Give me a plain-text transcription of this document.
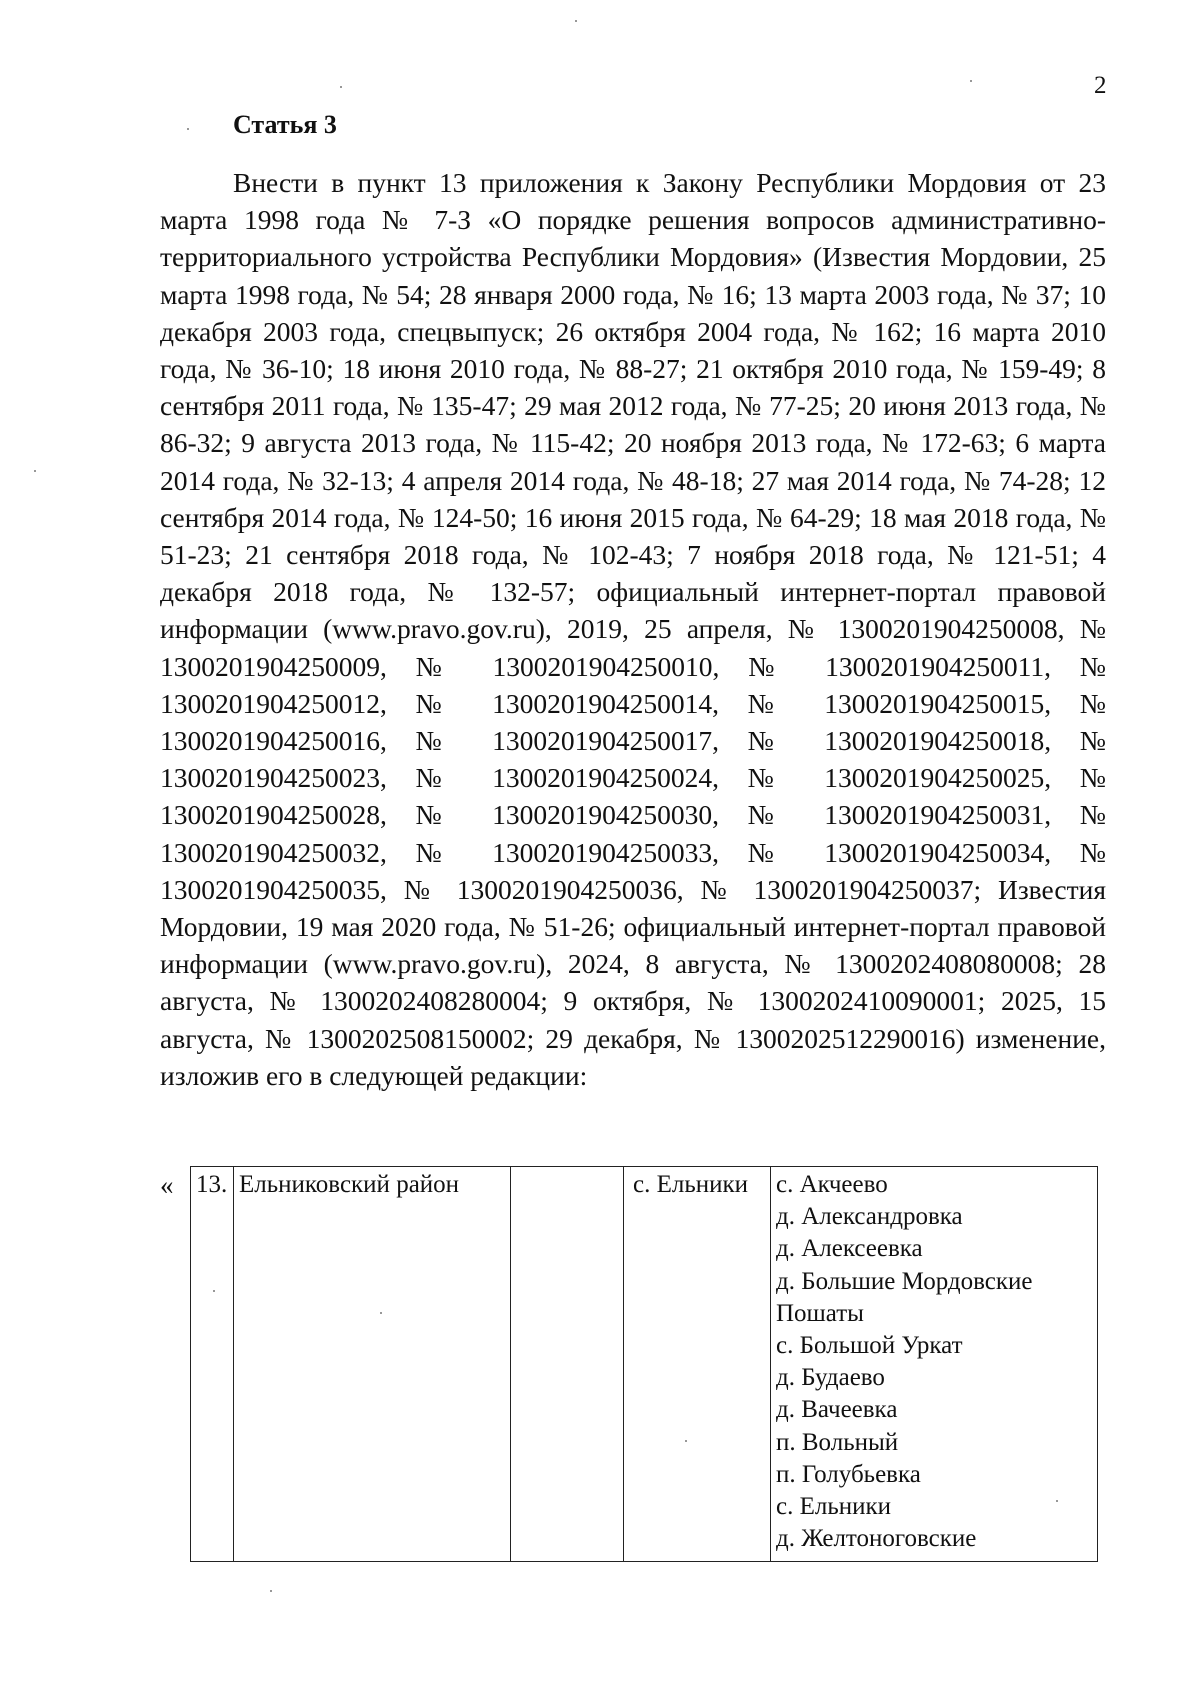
2
Статья 3

Внести в пункт 13 приложения к Закону Республики Мордовия от 23 марта 1998 года № 7-З «О порядке решения вопросов административно-территориального устройства Республики Мордовия» (Известия Мордовии, 25 марта 1998 года, № 54; 28 января 2000 года, № 16; 13 марта 2003 года, № 37; 10 декабря 2003 года, спецвыпуск; 26 октября 2004 года, № 162; 16 марта 2010 года, № 36-10; 18 июня 2010 года, № 88-27; 21 октября 2010 года, № 159-49; 8 сентября 2011 года, № 135-47; 29 мая 2012 года, № 77-25; 20 июня 2013 года, № 86-32; 9 августа 2013 года, № 115-42; 20 ноября 2013 года, № 172-63; 6 марта 2014 года, № 32-13; 4 апреля 2014 года, № 48-18; 27 мая 2014 года, № 74-28; 12 сентября 2014 года, № 124-50; 16 июня 2015 года, № 64-29; 18 мая 2018 года, № 51-23; 21 сентября 2018 года, № 102-43; 7 ноября 2018 года, № 121-51; 4 декабря 2018 года, № 132-57; официальный интернет-портал правовой информации (www.pravo.gov.ru), 2019, 25 апреля, № 1300201904250008, № 1300201904250009, № 1300201904250010, № 1300201904250011, № 1300201904250012, № 1300201904250014, № 1300201904250015, № 1300201904250016, № 1300201904250017, № 1300201904250018, № 1300201904250023, № 1300201904250024, № 1300201904250025, № 1300201904250028, № 1300201904250030, № 1300201904250031, № 1300201904250032, № 1300201904250033, № 1300201904250034, № 1300201904250035, № 1300201904250036, № 1300201904250037; Известия Мордовии, 19 мая 2020 года, № 51-26; официальный интернет-портал правовой информации (www.pravo.gov.ru), 2024, 8 августа, № 1300202408080008; 28 августа, № 1300202408280004; 9 октября, № 1300202410090001; 2025, 15 августа, № 1300202508150002; 29 декабря, № 1300202512290016) изменение, изложив его в следующей редакции:

« 13.	Ельниковский район		с. Ельники	с. Акчеево
д. Александровка
д. Алексеевка
д. Большие Мордовские
Пошаты
с. Большой Уркат
д. Будаево
д. Вачеевка
п. Вольный
п. Голубьевка
с. Ельники
д. Желтоноговские
